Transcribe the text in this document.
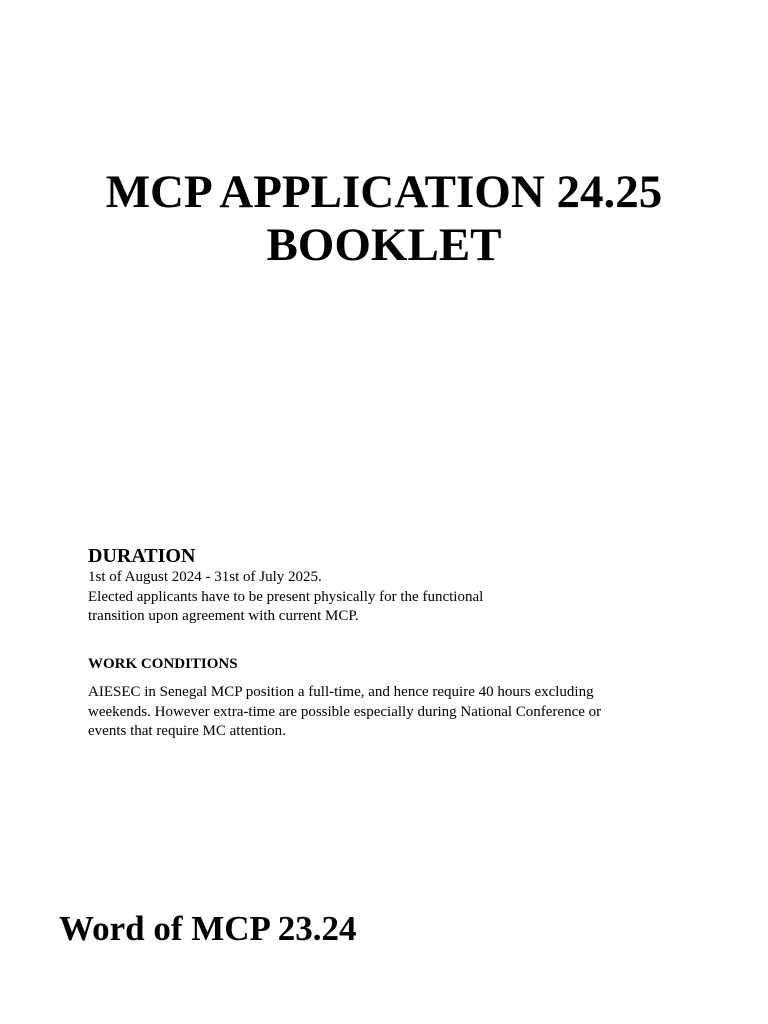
MCP APPLICATION 24.25
BOOKLET
DURATION
1st of August 2024 - 31st of July 2025.
Elected applicants have to be present physically for the functional
transition upon agreement with current MCP.
WORK CONDITIONS
AIESEC in Senegal MCP position a full-time, and hence require 40 hours excluding
weekends. However extra-time are possible especially during National Conference or
events that require MC attention.
Word of MCP 23.24
